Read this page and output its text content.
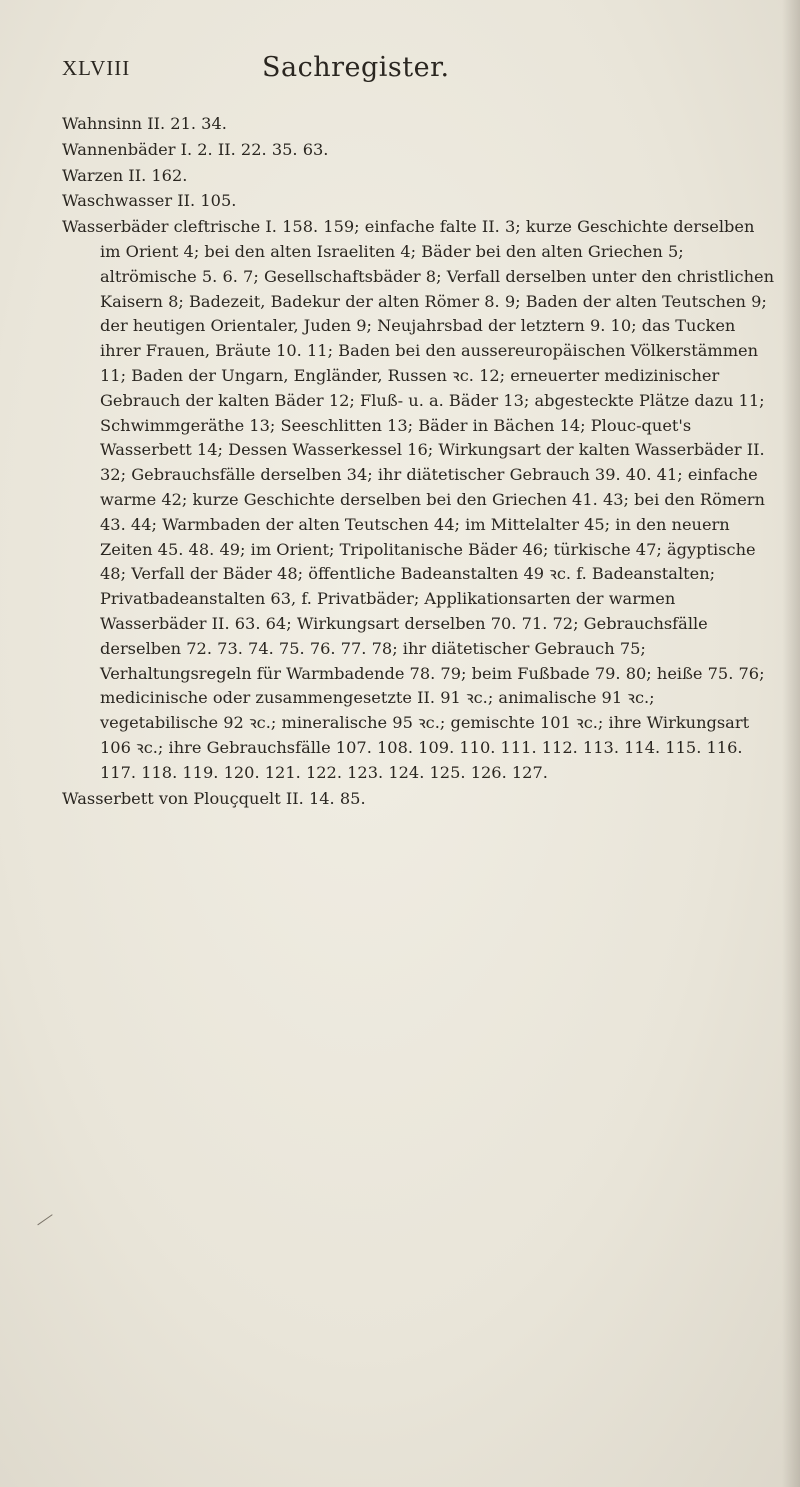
XLVIII	Sachregister.

Wahnsinn II. 21. 34.

Wannenbäder I. 2. II. 22. 35. 63.

Warzen II. 162.

Waschwasser II. 105.

Wasserbäder cleftrische I. 158. 159; einfache falte II. 3; kurze Geschichte derselben im Orient 4; bei den alten Israeliten 4; Bäder bei den alten Griechen 5; altrömische 5. 6. 7; Gesellschaftsbäder 8; Verfall derselben unter den christlichen Kaisern 8; Badezeit, Badekur der alten Römer 8. 9; Baden der alten Teutschen 9; der heutigen Orientaler, Juden 9; Neujahrsbad der letztern 9. 10; das Tucken ihrer Frauen, Bräute 10. 11; Baden bei den aussereuropäischen Völkerstämmen 11; Baden der Ungarn, Engländer, Russen ꝛc. 12; erneuerter medizinischer Gebrauch der kalten Bäder 12; Fluß- u. a. Bäder 13; abgesteckte Plätze dazu 11; Schwimmgeräthe 13; Seeschlitten 13; Bäder in Bächen 14; Plouc-quet's Wasserbett 14; Dessen Wasserkessel 16; Wirkungsart der kalten Wasserbäder II. 32; Gebrauchsfälle derselben 34; ihr diätetischer Gebrauch 39. 40. 41; einfache warme 42; kurze Geschichte derselben bei den Griechen 41. 43; bei den Römern 43. 44; Warmbaden der alten Teutschen 44; im Mittelalter 45; in den neuern Zeiten 45. 48. 49; im Orient; Tripolitanische Bäder 46; türkische 47; ägyptische 48; Verfall der Bäder 48; öffentliche Badeanstalten 49 ꝛc. f. Badeanstalten; Privatbadeanstalten 63, f. Privatbäder; Applikationsarten der warmen Wasserbäder II. 63. 64; Wirkungsart derselben 70. 71. 72; Gebrauchsfälle derselben 72. 73. 74. 75. 76. 77. 78; ihr diätetischer Gebrauch 75; Verhaltungsregeln für Warmbadende 78. 79; beim Fußbade 79. 80; heiße 75. 76; medicinische oder zusammengesetzte II. 91 ꝛc.; animalische 91 ꝛc.; vegetabilische 92 ꝛc.; mineralische 95 ꝛc.; gemischte 101 ꝛc.; ihre Wirkungsart 106 ꝛc.; ihre Gebrauchsfälle 107. 108. 109. 110. 111. 112. 113. 114. 115. 116. 117. 118. 119. 120. 121. 122. 123. 124. 125. 126. 127.

Wasserbett von Plouçquelt II. 14. 85.
